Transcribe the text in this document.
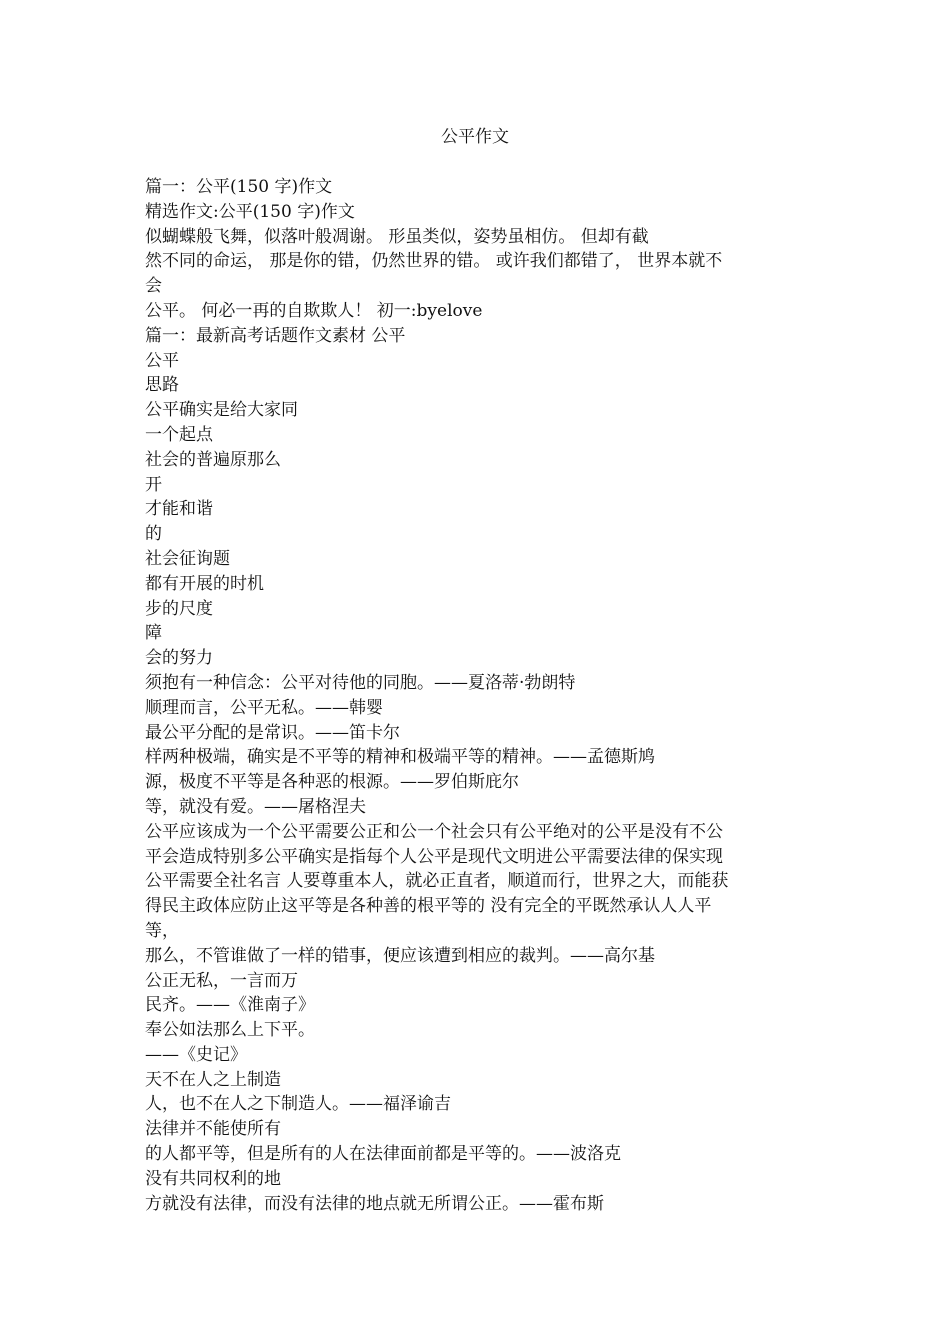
公平作文
篇一：公平(150 字)作文
精选作文:公平(150 字)作文
似蝴蝶般飞舞，似落叶般凋谢。 形虽类似，姿势虽相仿。 但却有截
然不同的命运， 那是你的错，仍然世界的错。 或许我们都错了， 世界本就不
会
公平。 何必一再的自欺欺人！ 初一:byelove
篇一：最新高考话题作文素材 公平
公平
思路
公平确实是给大家同
一个起点
社会的普遍原那么
开
才能和谐
的
社会征询题
都有开展的时机
步的尺度
障
会的努力
须抱有一种信念：公平对待他的同胞。——夏洛蒂·勃朗特
顺理而言，公平无私。——韩婴
最公平分配的是常识。——笛卡尔
样两种极端，确实是不平等的精神和极端平等的精神。——孟德斯鸠
源，极度不平等是各种恶的根源。——罗伯斯庇尔
等，就没有爱。——屠格涅夫
公平应该成为一个公平需要公正和公一个社会只有公平绝对的公平是没有不公
平会造成特别多公平确实是指每个人公平是现代文明进公平需要法律的保实现
公平需要全社名言 人要尊重本人，就必正直者，顺道而行，世界之大，而能获
得民主政体应防止这平等是各种善的根平等的 没有完全的平既然承认人人平
等，
那么，不管谁做了一样的错事，便应该遭到相应的裁判。——高尔基
公正无私，一言而万
民齐。——《淮南子》
奉公如法那么上下平。
——《史记》
天不在人之上制造
人，也不在人之下制造人。——福泽谕吉
法律并不能使所有
的人都平等，但是所有的人在法律面前都是平等的。——波洛克
没有共同权利的地
方就没有法律，而没有法律的地点就无所谓公正。——霍布斯
